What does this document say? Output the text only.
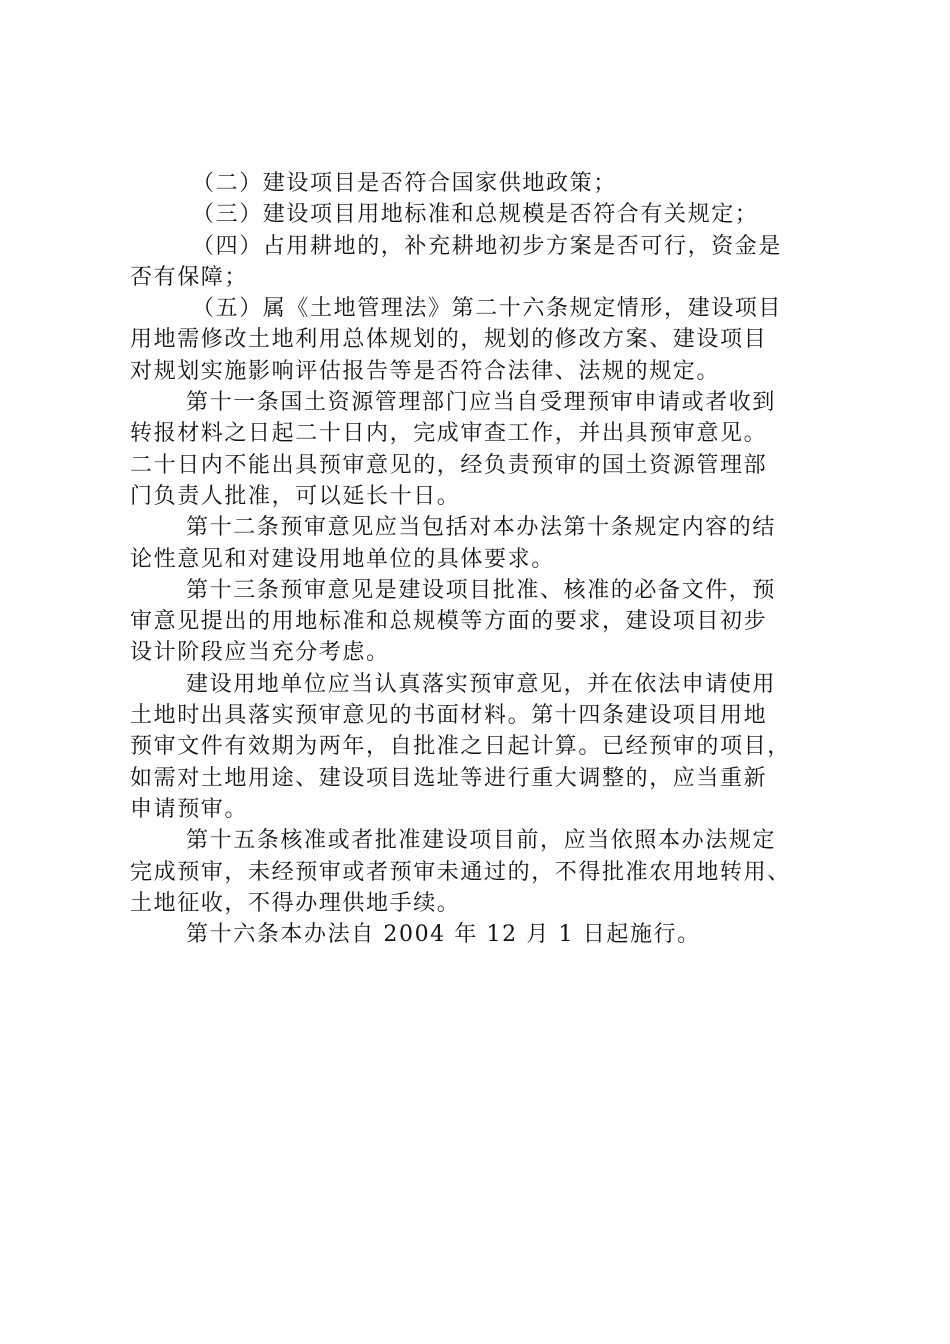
（二）建设项目是否符合国家供地政策；
（三）建设项目用地标准和总规模是否符合有关规定；
（四）占用耕地的，补充耕地初步方案是否可行，资金是
否有保障；
（五）属《土地管理法》第二十六条规定情形，建设项目
用地需修改土地利用总体规划的，规划的修改方案、建设项目
对规划实施影响评估报告等是否符合法律、法规的规定。
第十一条国土资源管理部门应当自受理预审申请或者收到
转报材料之日起二十日内，完成审查工作，并出具预审意见。
二十日内不能出具预审意见的，经负责预审的国土资源管理部
门负责人批准，可以延长十日。
第十二条预审意见应当包括对本办法第十条规定内容的结
论性意见和对建设用地单位的具体要求。
第十三条预审意见是建设项目批准、核准的必备文件，预
审意见提出的用地标准和总规模等方面的要求，建设项目初步
设计阶段应当充分考虑。
建设用地单位应当认真落实预审意见，并在依法申请使用
土地时出具落实预审意见的书面材料。第十四条建设项目用地
预审文件有效期为两年，自批准之日起计算。已经预审的项目，
如需对土地用途、建设项目选址等进行重大调整的，应当重新
申请预审。
第十五条核准或者批准建设项目前，应当依照本办法规定
完成预审，未经预审或者预审未通过的，不得批准农用地转用、
土地征收，不得办理供地手续。
第十六条本办法自 2004 年 12 月 1 日起施行。
